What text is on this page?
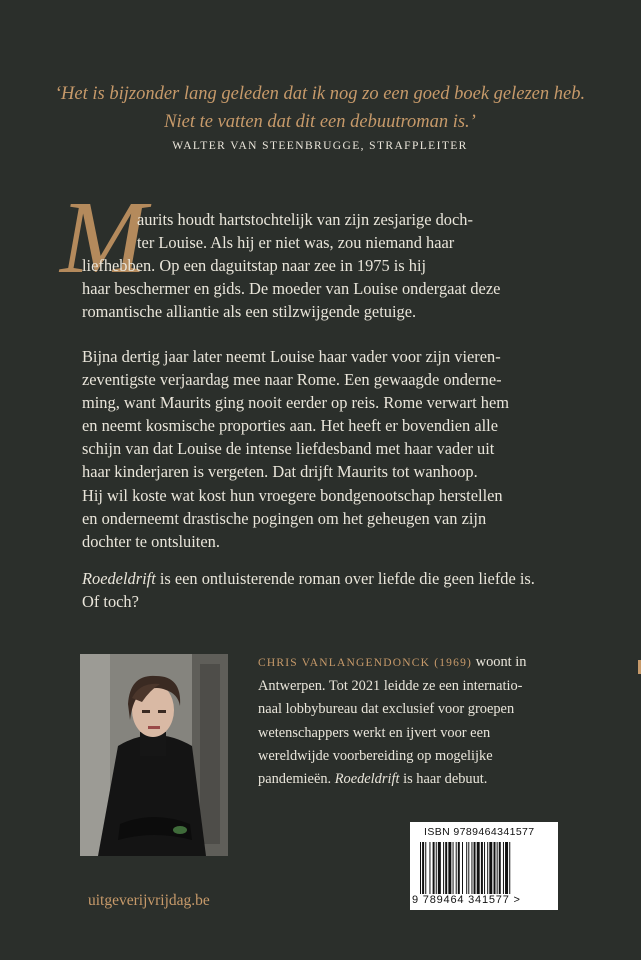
‘Het is bijzonder lang geleden dat ik nog zo een goed boek gelezen heb.
Niet te vatten dat dit een debuutroman is.’
WALTER VAN STEENBRUGGE, STRAFPLEITER
M
aurits houdt hartstochtelijk van zijn zesjarige doch-
ter Louise. Als hij er niet was, zou niemand haar
liefhebben. Op een daguitstap naar zee in 1975 is hij
haar beschermer en gids. De moeder van Louise ondergaat deze
romantische alliantie als een stilzwijgende getuige.
Bijna dertig jaar later neemt Louise haar vader voor zijn vieren-
zeventigste verjaardag mee naar Rome. Een gewaagde onderne-
ming, want Maurits ging nooit eerder op reis. Rome verwart hem
en neemt kosmische proporties aan. Het heeft er bovendien alle
schijn van dat Louise de intense liefdesband met haar vader uit
haar kinderjaren is vergeten. Dat drijft Maurits tot wanhoop.
Hij wil koste wat kost hun vroegere bondgenootschap herstellen
en onderneemt drastische pogingen om het geheugen van zijn
dochter te ontsluiten.
Roedeldrift is een ontluisterende roman over liefde die geen liefde is.
Of toch?
CHRIS VANLANGENDONCK (1969) woont in
Antwerpen. Tot 2021 leidde ze een internatio-
naal lobbybureau dat exclusief voor groepen
wetenschappers werkt en ijvert voor een
wereldwijde voorbereiding op mogelijke
pandemieën. Roedeldrift is haar debuut.
uitgeverijvrijdag.be
ISBN 9789464341577
9 789464 341577 >
